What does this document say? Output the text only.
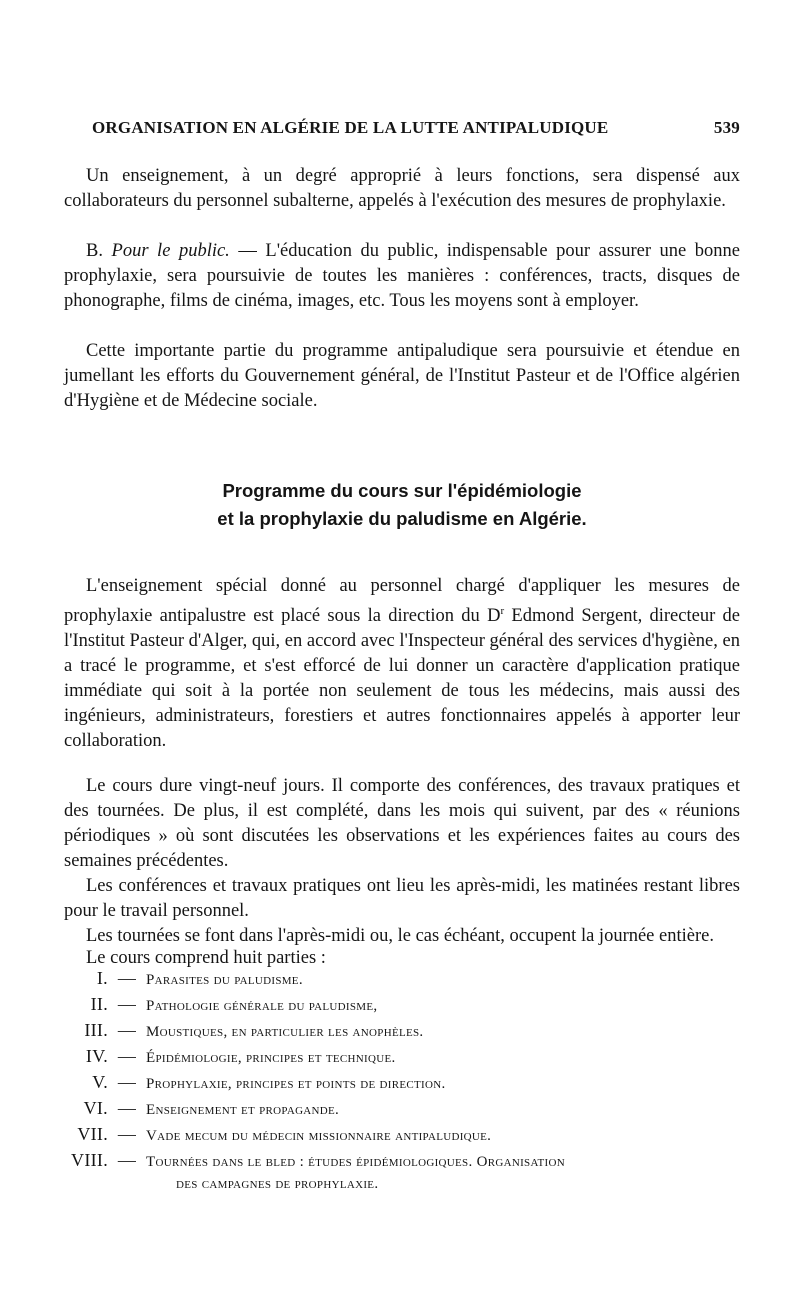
ORGANISATION EN ALGÉRIE DE LA LUTTE ANTIPALUDIQUE	539

Un enseignement, à un degré approprié à leurs fonctions, sera dispensé aux collaborateurs du personnel subalterne, appelés à l'exécution des mesures de prophylaxie.

B. Pour le public. — L'éducation du public, indispensable pour assurer une bonne prophylaxie, sera poursuivie de toutes les manières : conférences, tracts, disques de phonographe, films de cinéma, images, etc. Tous les moyens sont à employer.

Cette importante partie du programme antipaludique sera poursuivie et étendue en jumellant les efforts du Gouvernement général, de l'Institut Pasteur et de l'Office algérien d'Hygiène et de Médecine sociale.

Programme du cours sur l'épidémiologie
et la prophylaxie du paludisme en Algérie.

L'enseignement spécial donné au personnel chargé d'appliquer les mesures de prophylaxie antipalustre est placé sous la direction du $D^r$ Edmond Sergent, directeur de l'Institut Pasteur d'Alger, qui, en accord avec l'Inspecteur général des services d'hygiène, en a tracé le programme, et s'est efforcé de lui donner un caractère d'application pratique immédiate qui soit à la portée non seulement de tous les médecins, mais aussi des ingénieurs, administrateurs, forestiers et autres fonctionnaires appelés à apporter leur collaboration.

Le cours dure vingt-neuf jours. Il comporte des conférences, des travaux pratiques et des tournées. De plus, il est complété, dans les mois qui suivent, par des « réunions périodiques » où sont discutées les observations et les expériences faites au cours des semaines précédentes.

Les conférences et travaux pratiques ont lieu les après-midi, les matinées restant libres pour le travail personnel.

Les tournées se font dans l'après-midi ou, le cas échéant, occupent la journée entière.

Le cours comprend huit parties :

I. — Parasites du paludisme.
II. — Pathologie générale du paludisme,
III. — Moustiques, en particulier les anophèles.
IV. — Épidémiologie, principes et technique.
V. — Prophylaxie, principes et points de direction.
VI. — Enseignement et propagande.
VII. — Vade mecum du médecin missionnaire antipaludique.
VIII. — Tournées dans le bled : études épidémiologiques. Organisation
des campagnes de prophylaxie.
